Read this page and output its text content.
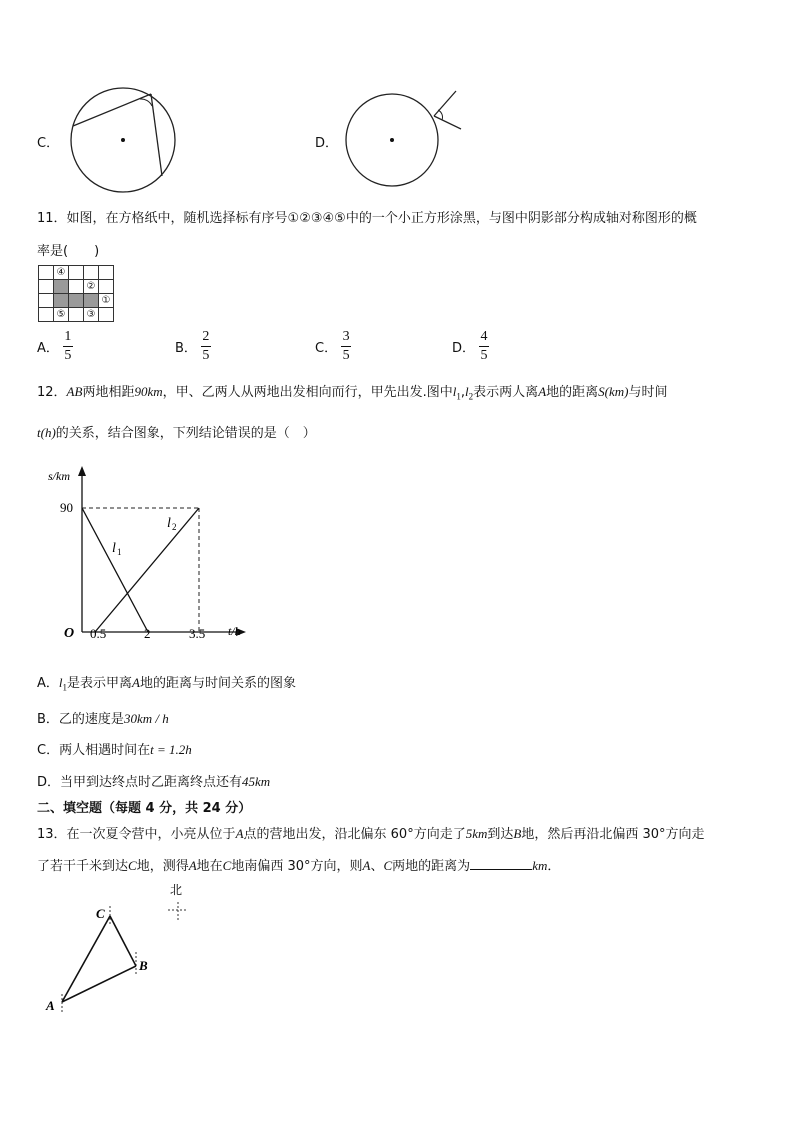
C．	D．
11．如图，在方格纸中，随机选择标有序号①②③④⑤中的一个小正方形涂黑，与图中阴影部分构成轴对称图形的概
率是(　　)
	④			
			②	
				①
	⑤		③	
A． $\frac{1}{5}$	B． $\frac{2}{5}$	C． $\frac{3}{5}$	D． $\frac{4}{5}$
12．AB两地相距90km，甲、乙两人从两地出发相向而行，甲先出发.图中$l_1,l_2$表示两人离A地的距离S(km)与时间
t(h)的关系，结合图象，下列结论错误的是（　）
s/km
t/h
O
90
0.5	2	3.5
l 1
l 2
A．$l_1$是表示甲离A地的距离与时间关系的图象
B．乙的速度是30km / h
C．两人相遇时间在t = 1.2h
D．当甲到达终点时乙距离终点还有45km
二、填空题（每题 4 分，共 24 分）
13．在一次夏令营中，小亮从位于A点的营地出发，沿北偏东 60°方向走了5km到达B地，然后再沿北偏西 30°方向走
了若干千米到达C地，测得A地在C地南偏西 30°方向，则A、C两地的距离为	km．
北
A
B
C
